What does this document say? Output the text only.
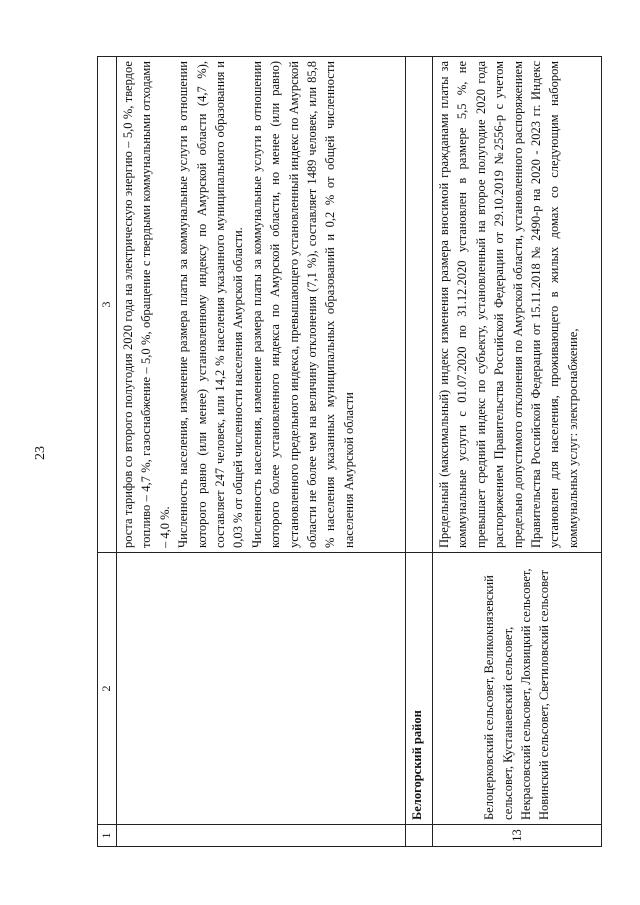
23
1	2	3

		роста тарифов со второго полугодия 2020 года на электрическую энергию – 5,0 %, твердое топливо – 4,7 %, газоснабжение – 5,0 %, обращение с твердыми коммунальными отходами – 4,0 %. Численность населения, изменение размера платы за коммунальные услуги в отношении которого равно (или менее) установленному индексу по Амурской области (4,7 %), составляет 247 человек, или 14,2 % населения указанного муниципального образования и 0,03 % от общей численности населения Амурской области. Численность населения, изменение размера платы за коммунальные услуги в отношении которого более установленного индекса по Амурской области, но менее (или равно) установленного предельного индекса, превышающего установленный индекс по Амурской области не более чем на величину отклонения (7,1 %), составляет 1489 человек, или 85,8 % населения указанных муниципальных образований и 0,2 % от общей численности населения Амурской области

	Белогорский район	
13	Белоцерковский сельсовет, Великокнязевский сельсовет, Кустанаевский сельсовет, Некрасовский сельсовет, Лохвицкий сельсовет, Новинский сельсовет, Светиловский сельсовет	Предельный (максимальный) индекс изменения размера вносимой гражданами платы за коммунальные услуги с 01.07.2020 по 31.12.2020 установлен в размере 5,5 %, не превышает средний индекс по субъекту, установленный на второе полугодие 2020 года распоряжением Правительства Российской Федерации от 29.10.2019 №2556-р с учетом предельно допустимого отклонения по Амурской области, установленного распоряжением Правительства Российской Федерации от 15.11.2018 № 2490-р на 2020 - 2023 гг. Индекс установлен для населения, проживающего в жилых домах со следующим набором коммунальных услуг: электроснабжение,
